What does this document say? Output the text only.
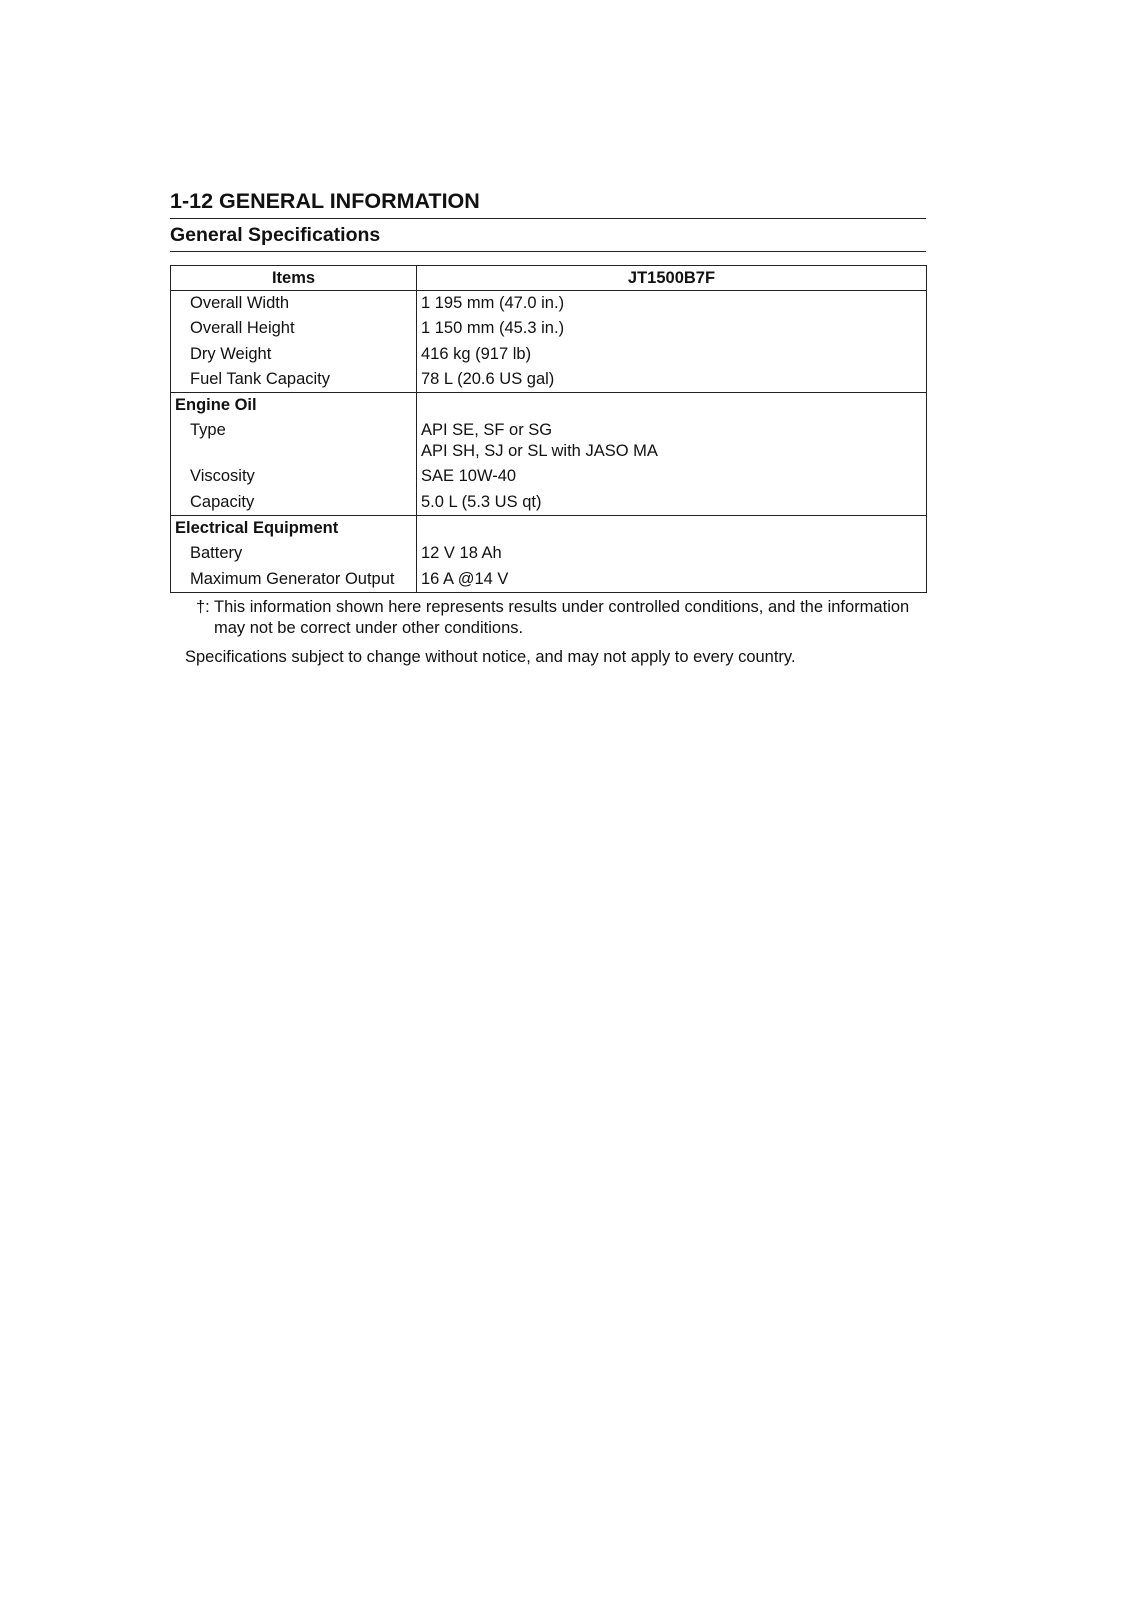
1-12 GENERAL INFORMATION
General Specifications
Items	JT1500B7F
Overall Width	1 195 mm (47.0 in.)
Overall Height	1 150 mm (45.3 in.)
Dry Weight	416 kg (917 lb)
Fuel Tank Capacity	78 L (20.6 US gal)
Engine Oil	
Type	API SE, SF or SG
API SH, SJ or SL with JASO MA

Viscosity	SAE 10W-40
Capacity	5.0 L (5.3 US qt)
Electrical Equipment	
Battery	12 V 18 Ah
Maximum Generator Output	16 A @14 V
†: This information shown here represents results under controlled conditions, and the information may not be correct under other conditions.
Specifications subject to change without notice, and may not apply to every country.
